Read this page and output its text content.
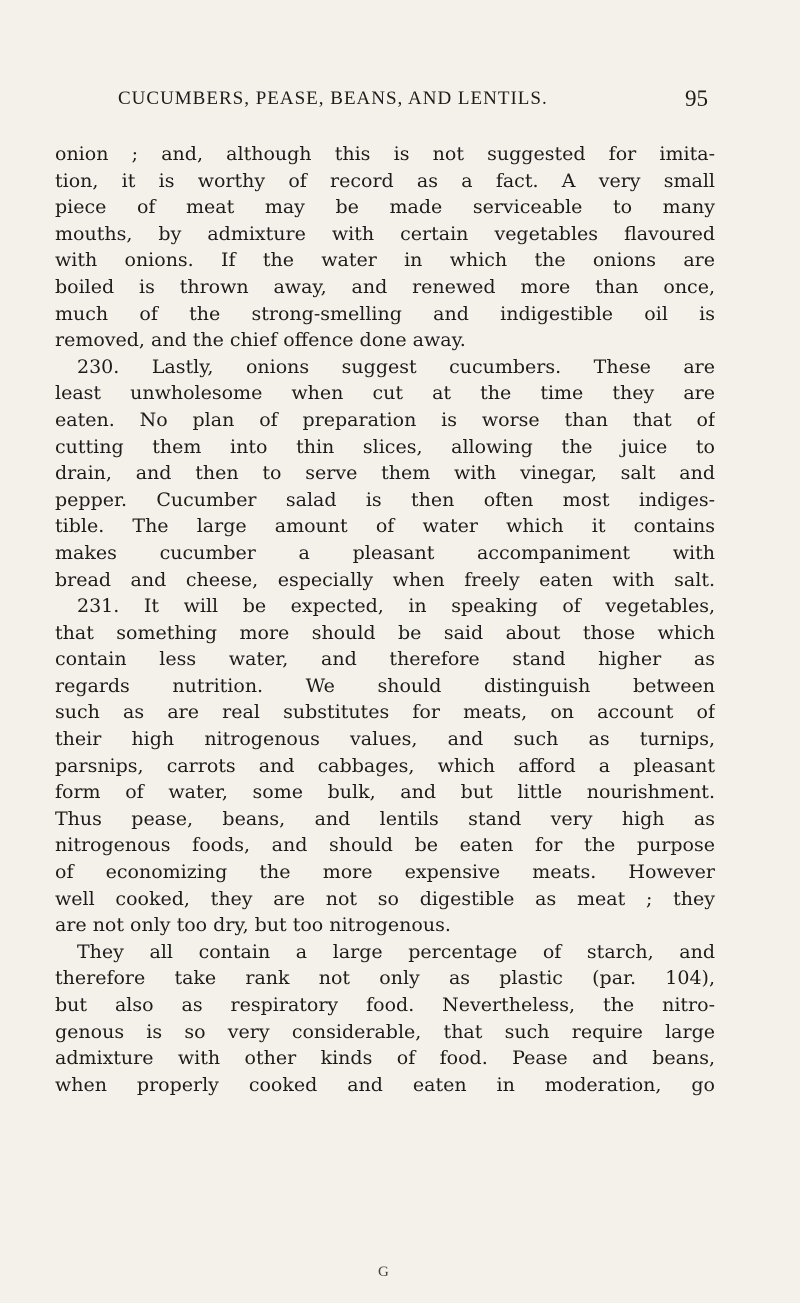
CUCUMBERS, PEASE, BEANS, AND LENTILS.	95
onion ; and, although this is not suggested for imita-
tion, it is worthy of record as a fact. A very small
piece of meat may be made serviceable to many
mouths, by admixture with certain vegetables flavoured
with onions. If the water in which the onions are
boiled is thrown away, and renewed more than once,
much of the strong-smelling and indigestible oil is
removed, and the chief offence done away.
230. Lastly, onions suggest cucumbers. These are
least unwholesome when cut at the time they are
eaten. No plan of preparation is worse than that of
cutting them into thin slices, allowing the juice to
drain, and then to serve them with vinegar, salt and
pepper. Cucumber salad is then often most indiges-
tible. The large amount of water which it contains
makes cucumber a pleasant accompaniment with
bread and cheese, especially when freely eaten with salt.
231. It will be expected, in speaking of vegetables,
that something more should be said about those which
contain less water, and therefore stand higher as
regards nutrition. We should distinguish between
such as are real substitutes for meats, on account of
their high nitrogenous values, and such as turnips,
parsnips, carrots and cabbages, which afford a pleasant
form of water, some bulk, and but little nourishment.
Thus pease, beans, and lentils stand very high as
nitrogenous foods, and should be eaten for the purpose
of economizing the more expensive meats. However
well cooked, they are not so digestible as meat ; they
are not only too dry, but too nitrogenous.
They all contain a large percentage of starch, and
therefore take rank not only as plastic (par. 104),
but also as respiratory food. Nevertheless, the nitro-
genous is so very considerable, that such require large
admixture with other kinds of food. Pease and beans,
when properly cooked and eaten in moderation, go
G
